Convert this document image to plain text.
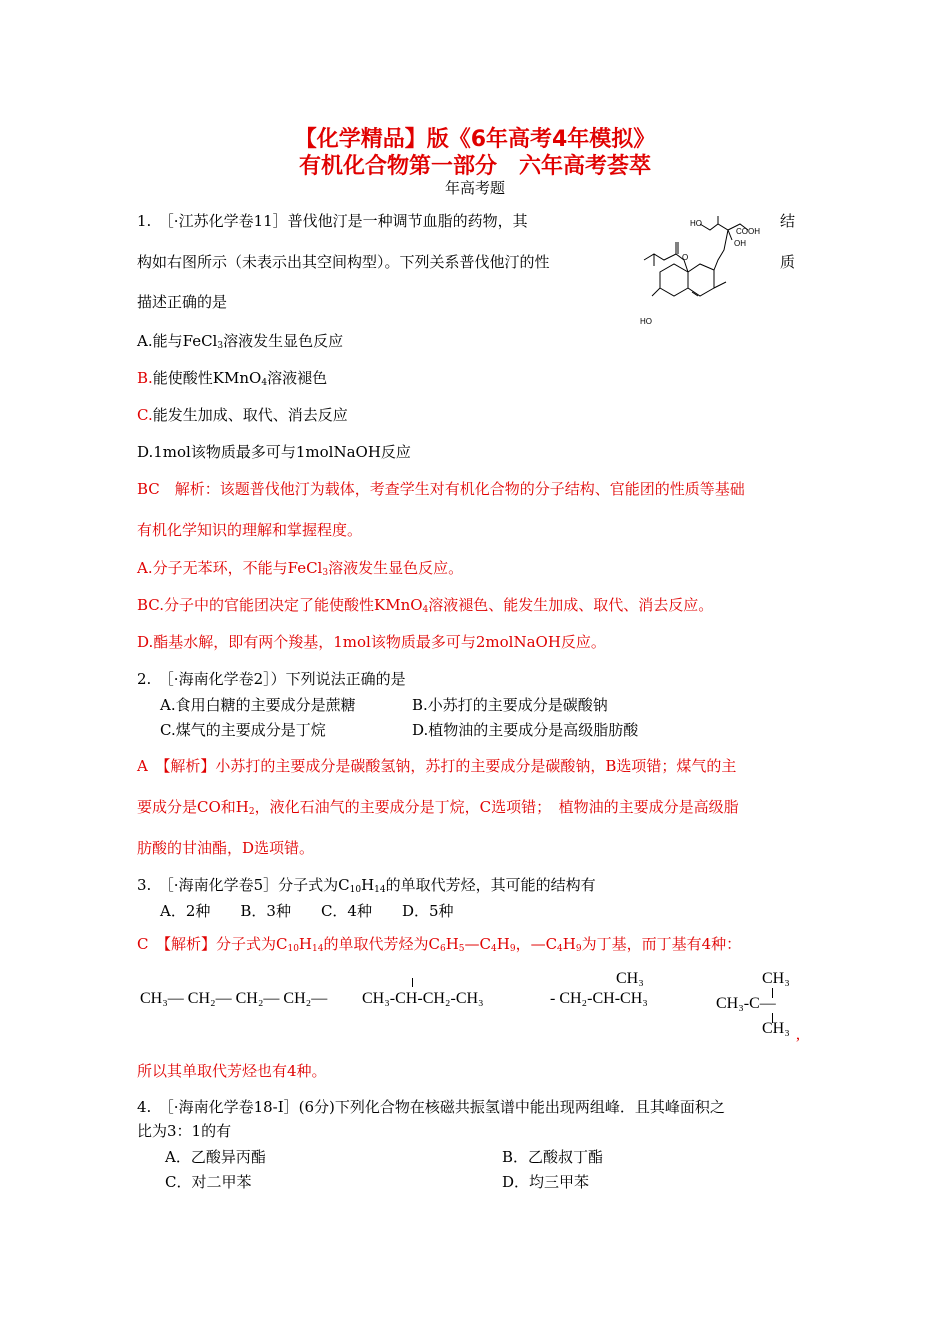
【化学精品】版《6年高考4年模拟》
有机化合物第一部分　六年高考荟萃
年高考题
1.　［·江苏化学卷11］普伐他汀是一种调节血脂的药物，其	结
构如右图所示（未表示出其空间构型）。下列关系普伐他汀的性	质
描述正确的是
COOH
HO
OH
O
HO
A.能与FeCl$_3$溶液发生显色反应
B.能使酸性KMnO$_4$溶液褪色
C.能发生加成、取代、消去反应
D.1mol该物质最多可与1molNaOH反应
BC　解析：该题普伐他汀为载体，考查学生对有机化合物的分子结构、官能团的性质等基础
有机化学知识的理解和掌握程度。
A.分子无苯环，不能与FeCl$_3$溶液发生显色反应。
BC.分子中的官能团决定了能使酸性KMnO$_4$溶液褪色、能发生加成、取代、消去反应。
D.酯基水解，即有两个羧基，1mol该物质最多可与2molNaOH反应。
2.　［·海南化学卷2］）下列说法正确的是
A.食用白糖的主要成分是蔗糖	B.小苏打的主要成分是碳酸钠
C.煤气的主要成分是丁烷	D.植物油的主要成分是高级脂肪酸
A　【解析】小苏打的主要成分是碳酸氢钠，苏打的主要成分是碳酸钠，B选项错；煤气的主
要成分是CO和$H_2$，液化石油气的主要成分是丁烷，C选项错；　植物油的主要成分是高级脂
肪酸的甘油酯，D选项错。
3.　［·海南化学卷5］分子式为$C_{10}H_{14}$的单取代芳烃，其可能的结构有
A．2种　　B．3种　　C．4种　　D．5种
C　【解析】分子式为$C_{10}H_{14}$的单取代芳烃为$C_6H_5—C_4H_9$，$—C_4H_9$为丁基，而丁基有4种：
CH₃— CH₂— CH₂— CH₂— CH₃-CH-CH₂-CH₃
CH₃
- CH₂-CH-CH₃
CH₃
CH₃-C—
CH₃ ,
所以其单取代芳烃也有4种。
4.　［·海南化学卷18-I］(6分)下列化合物在核磁共振氢谱中能出现两组峰．且其峰面积之
比为3：1的有
A．乙酸异丙酯	B．乙酸叔丁酯
C．对二甲苯	D．均三甲苯
